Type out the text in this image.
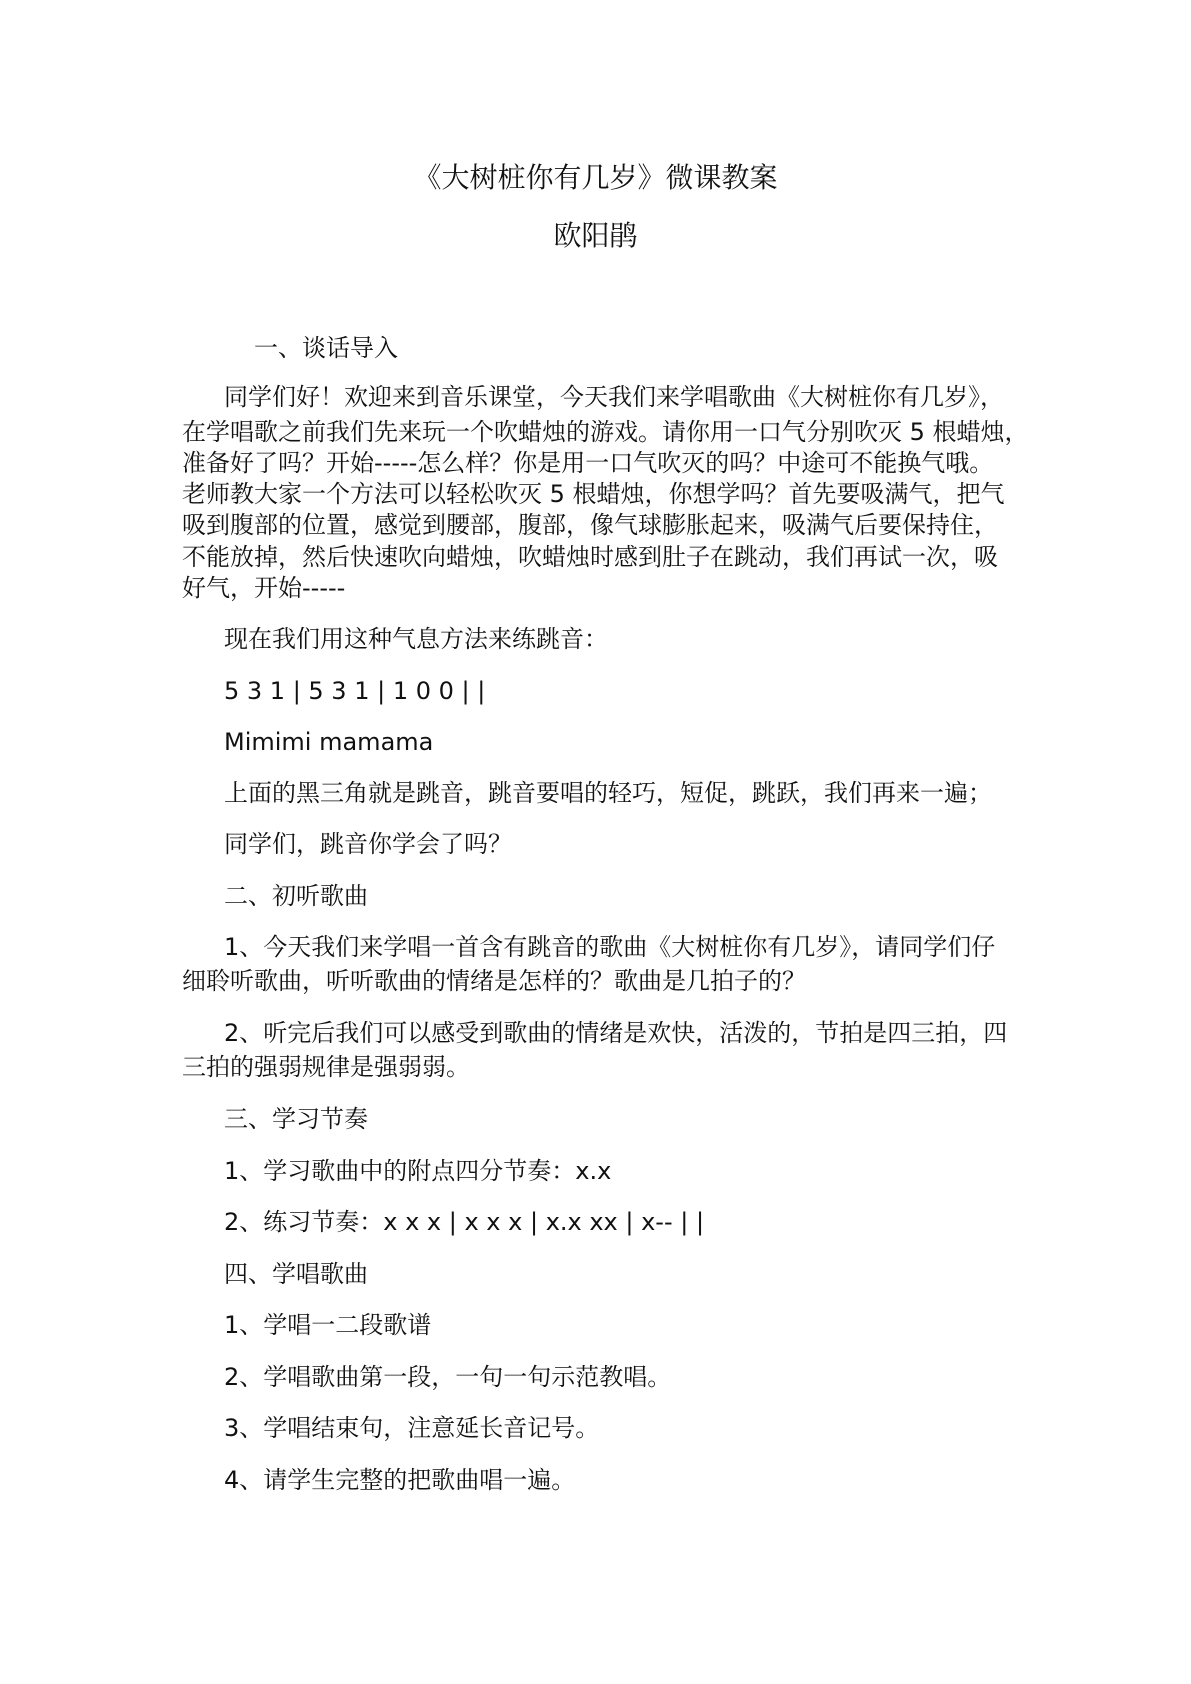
《大树桩你有几岁》微课教案
欧阳鹃
一、谈话导入
同学们好！欢迎来到音乐课堂，今天我们来学唱歌曲《大树桩你有几岁》，
在学唱歌之前我们先来玩一个吹蜡烛的游戏。请你用一口气分别吹灭 5 根蜡烛，
准备好了吗？开始-----怎么样？你是用一口气吹灭的吗？中途可不能换气哦。
老师教大家一个方法可以轻松吹灭 5 根蜡烛，你想学吗？首先要吸满气，把气
吸到腹部的位置，感觉到腰部，腹部，像气球膨胀起来，吸满气后要保持住，
不能放掉，然后快速吹向蜡烛，吹蜡烛时感到肚子在跳动，我们再试一次，吸
好气，开始-----
现在我们用这种气息方法来练跳音：
5 3 1 | 5 3 1 | 1 0 0 | |
Mimimi mamama
上面的黑三角就是跳音，跳音要唱的轻巧，短促，跳跃，我们再来一遍；
同学们，跳音你学会了吗？
二、初听歌曲
1、今天我们来学唱一首含有跳音的歌曲《大树桩你有几岁》，请同学们仔
细聆听歌曲，听听歌曲的情绪是怎样的？歌曲是几拍子的？
2、听完后我们可以感受到歌曲的情绪是欢快，活泼的，节拍是四三拍，四
三拍的强弱规律是强弱弱。
三、学习节奏
1、学习歌曲中的附点四分节奏：x.x
2、练习节奏：x x x | x x x | x.x xx | x-- | |
四、学唱歌曲
1、学唱一二段歌谱
2、学唱歌曲第一段，一句一句示范教唱。
3、学唱结束句，注意延长音记号。
4、请学生完整的把歌曲唱一遍。
